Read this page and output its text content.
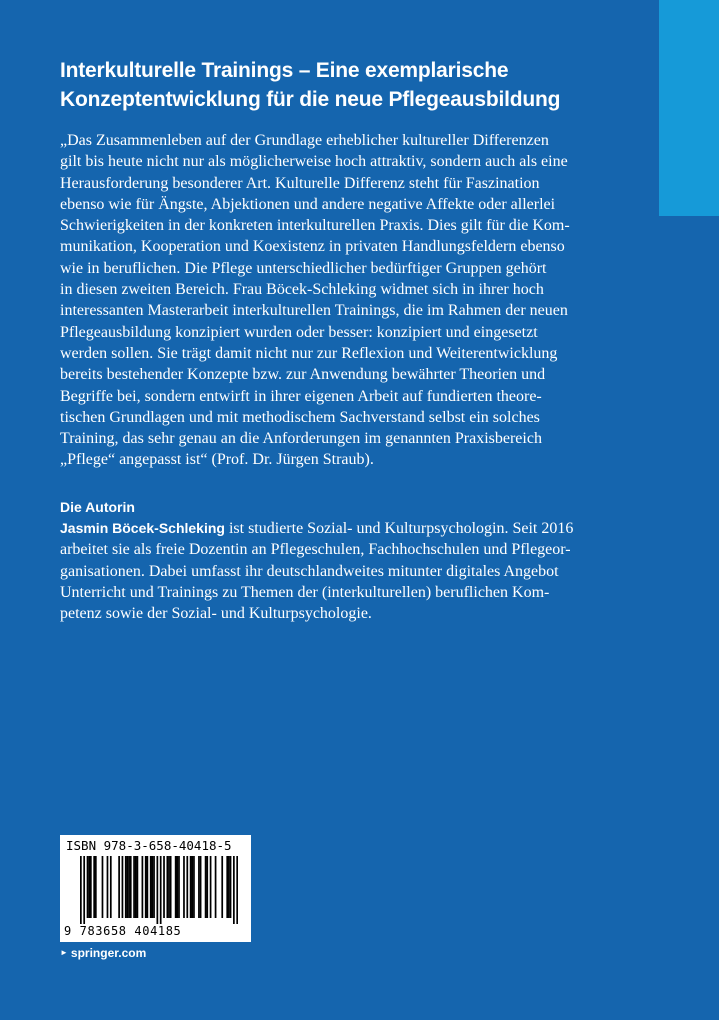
Interkulturelle Trainings – Eine exemplarische
Konzeptentwicklung für die neue Pflegeausbildung
„Das Zusammenleben auf der Grundlage erheblicher kultureller Differenzen
gilt bis heute nicht nur als möglicherweise hoch attraktiv, sondern auch als eine
Herausforderung besonderer Art. Kulturelle Differenz steht für Faszination
ebenso wie für Ängste, Abjektionen und andere negative Affekte oder allerlei
Schwierigkeiten in der konkreten interkulturellen Praxis. Dies gilt für die Kom-
munikation, Kooperation und Koexistenz in privaten Handlungsfeldern ebenso
wie in beruflichen. Die Pflege unterschiedlicher bedürftiger Gruppen gehört
in diesen zweiten Bereich. Frau Böcek-Schleking widmet sich in ihrer hoch
interessanten Masterarbeit interkulturellen Trainings, die im Rahmen der neuen
Pflegeausbildung konzipiert wurden oder besser: konzipiert und eingesetzt
werden sollen. Sie trägt damit nicht nur zur Reflexion und Weiterentwicklung
bereits bestehender Konzepte bzw. zur Anwendung bewährter Theorien und
Begriffe bei, sondern entwirft in ihrer eigenen Arbeit auf fundierten theore-
tischen Grundlagen und mit methodischem Sachverstand selbst ein solches
Training, das sehr genau an die Anforderungen im genannten Praxisbereich
„Pflege“ angepasst ist“ (Prof. Dr. Jürgen Straub).
Die Autorin
Jasmin Böcek-Schleking ist studierte Sozial- und Kulturpsychologin. Seit 2016
arbeitet sie als freie Dozentin an Pflegeschulen, Fachhochschulen und Pflegeor-
ganisationen. Dabei umfasst ihr deutschlandweites mitunter digitales Angebot
Unterricht und Trainings zu Themen der (interkulturellen) beruflichen Kom-
petenz sowie der Sozial- und Kulturpsychologie.
ISBN 978-3-658-40418-5
9 783658 404185
► springer.com
